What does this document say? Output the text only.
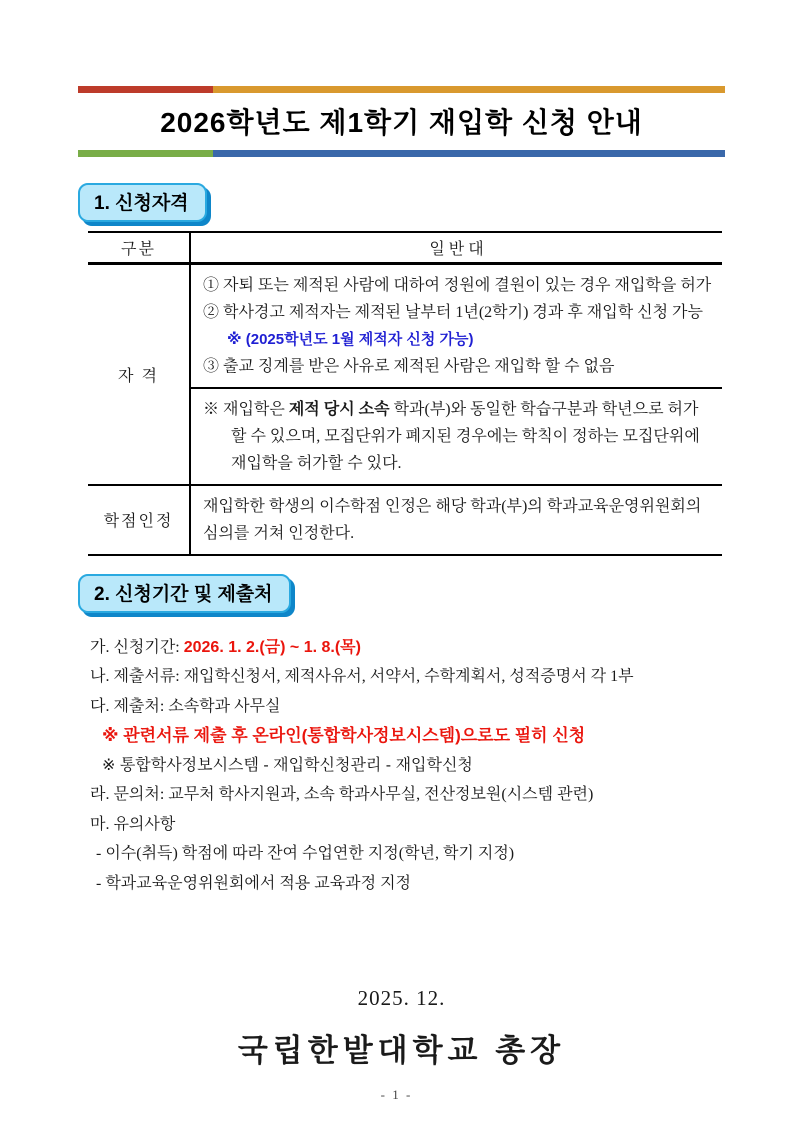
2026학년도 제1학기 재입학 신청 안내
1. 신청자격
구분	일 반 대
자 격	① 자퇴 또는 제적된 사람에 대하여 정원에 결원이 있는 경우 재입학을 허가
② 학사경고 제적자는 제적된 날부터 1년(2학기) 경과 후 재입학 신청 가능
※ (2025학년도 1월 제적자 신청 가능)
③ 출교 징계를 받은 사유로 제적된 사람은 재입학 할 수 없음

	※ 재입학은 제적 당시 소속 학과(부)와 동일한 학습구분과 학년으로 허가 할 수 있으며, 모집단위가 폐지된 경우에는 학칙이 정하는 모집단위에 재입학을 허가할 수 있다.

학점인정	재입학한 학생의 이수학점 인정은 해당 학과(부)의 학과교육운영위원회의 심의를 거쳐 인정한다.
2. 신청기간 및 제출처
가. 신청기간: 2026. 1. 2.(금) ~ 1. 8.(목)
나. 제출서류: 재입학신청서, 제적사유서, 서약서, 수학계획서, 성적증명서 각 1부
다. 제출처: 소속학과 사무실
※ 관련서류 제출 후 온라인(통합학사정보시스템)으로도 필히 신청
※ 통합학사정보시스템 - 재입학신청관리 - 재입학신청
라. 문의처: 교무처 학사지원과, 소속 학과사무실, 전산정보원(시스템 관련)
마. 유의사항
- 이수(취득) 학점에 따라 잔여 수업연한 지정(학년, 학기 지정)
- 학과교육운영위원회에서 적용 교육과정 지정
2025. 12.
국립한밭대학교 총장
- 1 -
